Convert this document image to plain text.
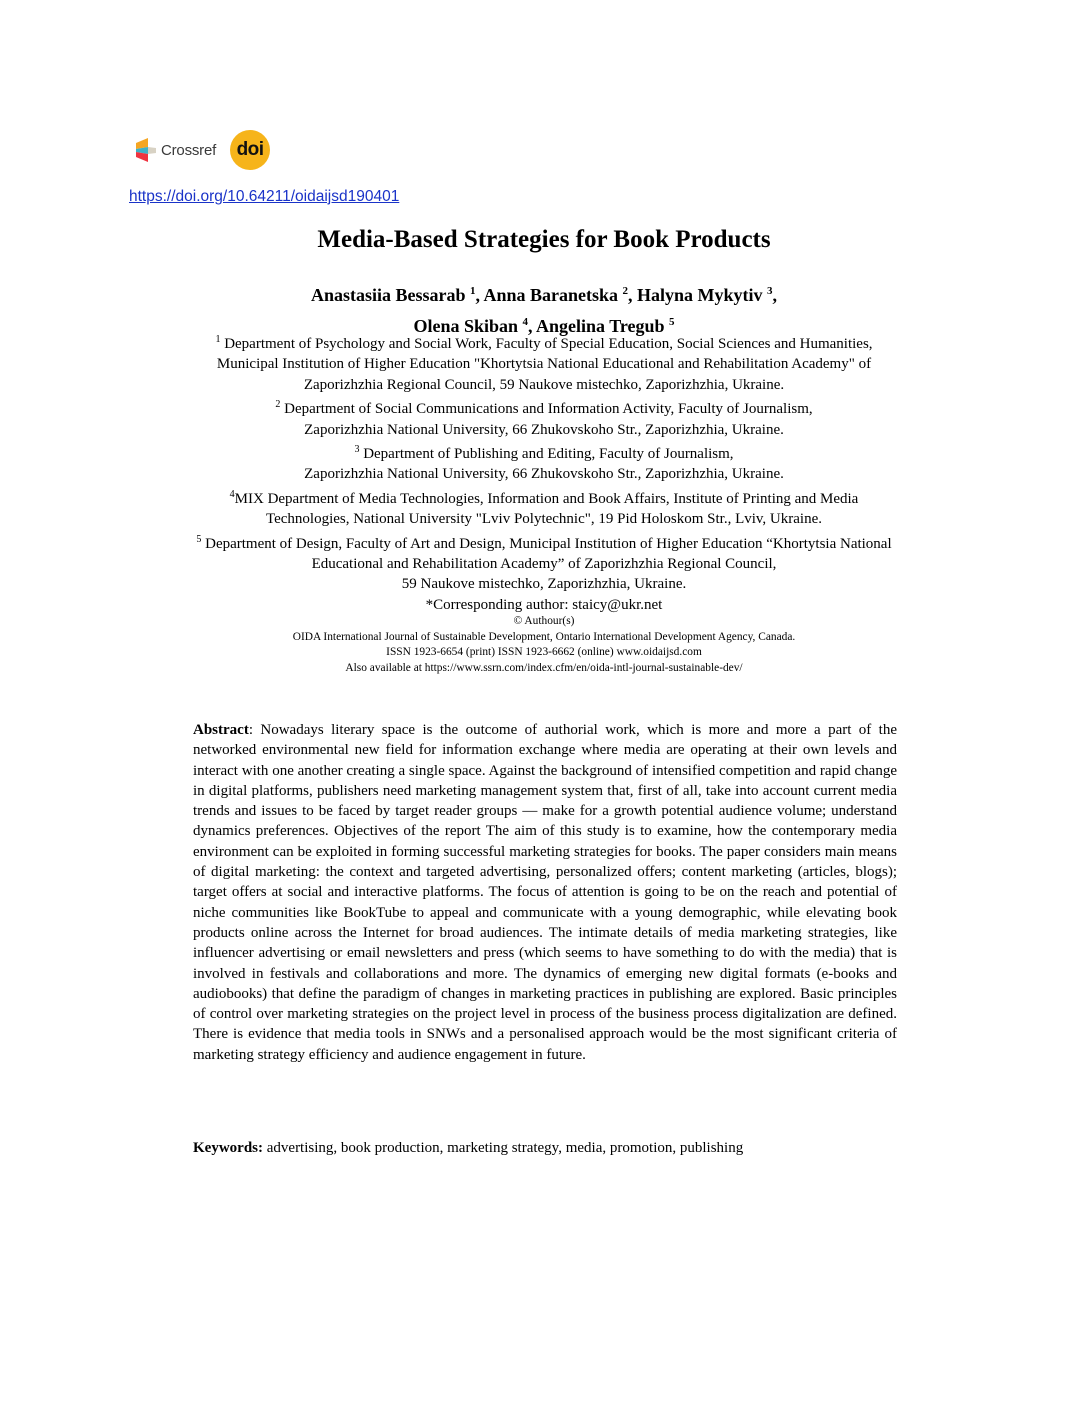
Crossref doi
https://doi.org/10.64211/oidaijsd190401
Media-Based Strategies for Book Products
Anastasiia Bessarab $^1$, Anna Baranetska $^2$, Halyna Mykytiv $^3$,
Olena Skiban $^4$, Angelina Tregub $^5$
$^1$ Department of Psychology and Social Work, Faculty of Special Education, Social Sciences and Humanities,
Municipal Institution of Higher Education "Khortytsia National Educational and Rehabilitation Academy" of
Zaporizhzhia Regional Council, 59 Naukove mistechko, Zaporizhzhia, Ukraine.
$^2$ Department of Social Communications and Information Activity, Faculty of Journalism,
Zaporizhzhia National University, 66 Zhukovskoho Str., Zaporizhzhia, Ukraine.
$^3$ Department of Publishing and Editing, Faculty of Journalism,
Zaporizhzhia National University, 66 Zhukovskoho Str., Zaporizhzhia, Ukraine.
$^4$MIX Department of Media Technologies, Information and Book Affairs, Institute of Printing and Media
Technologies, National University "Lviv Polytechnic", 19 Pid Holoskom Str., Lviv, Ukraine.
$^5$ Department of Design, Faculty of Art and Design, Municipal Institution of Higher Education “Khortytsia National
Educational and Rehabilitation Academy” of Zaporizhzhia Regional Council,
59 Naukove mistechko, Zaporizhzhia, Ukraine.
*Corresponding author: staicy@ukr.net
© Authour(s)
OIDA International Journal of Sustainable Development, Ontario International Development Agency, Canada.
ISSN 1923-6654 (print) ISSN 1923-6662 (online) www.oidaijsd.com
Also available at https://www.ssrn.com/index.cfm/en/oida-intl-journal-sustainable-dev/
Abstract: Nowadays literary space is the outcome of authorial work, which is more and more a part of the networked environmental new field for information exchange where media are operating at their own levels and interact with one another creating a single space. Against the background of intensified competition and rapid change in digital platforms, publishers need marketing management system that, first of all, take into account current media trends and issues to be faced by target reader groups — make for a growth potential audience volume; understand dynamics preferences. Objectives of the report The aim of this study is to examine, how the contemporary media environment can be exploited in forming successful marketing strategies for books. The paper considers main means of digital marketing: the context and targeted advertising, personalized offers; content marketing (articles, blogs); target offers at social and interactive platforms. The focus of attention is going to be on the reach and potential of niche communities like BookTube to appeal and communicate with a young demographic, while elevating book products online across the Internet for broad audiences. The intimate details of media marketing strategies, like influencer advertising or email newsletters and press (which seems to have something to do with the media) that is involved in festivals and collaborations and more. The dynamics of emerging new digital formats (e-books and audiobooks) that define the paradigm of changes in marketing practices in publishing are explored. Basic principles of control over marketing strategies on the project level in process of the business process digitalization are defined. There is evidence that media tools in SNWs and a personalised approach would be the most significant criteria of marketing strategy efficiency and audience engagement in future.
Keywords: advertising, book production, marketing strategy, media, promotion, publishing
